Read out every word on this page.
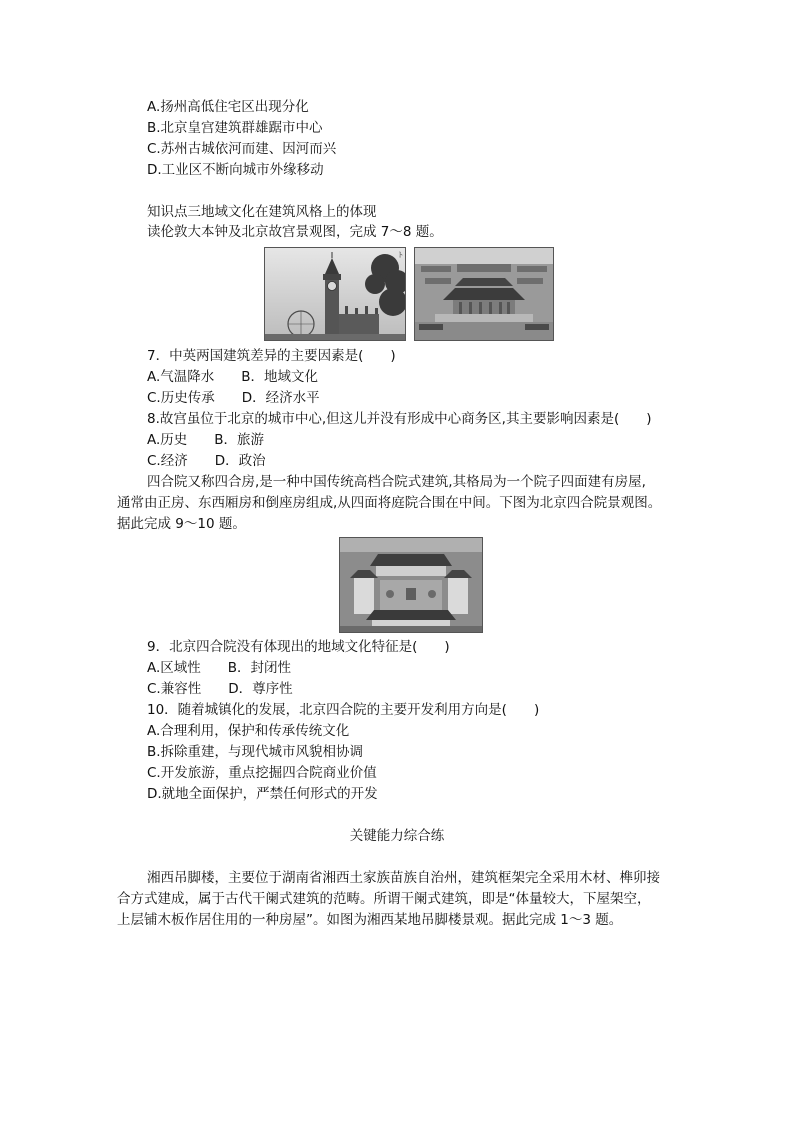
A.扬州高低住宅区出现分化
B.北京皇宫建筑群雄踞市中心
C.苏州古城依河而建、因河而兴
D.工业区不断向城市外缘移动
知识点三地域文化在建筑风格上的体现
读伦敦大本钟及北京故宫景观图，完成 7～8 题。
ト
7．中英两国建筑差异的主要因素是(　　)
A.气温降水　　B．地域文化
C.历史传承　　D．经济水平
8.故宫虽位于北京的城市中心,但这儿并没有形成中心商务区,其主要影响因素是(　　)
A.历史　　B．旅游
C.经济　　D．政治
四合院又称四合房,是一种中国传统高档合院式建筑,其格局为一个院子四面建有房屋,
通常由正房、东西厢房和倒座房组成,从四面将庭院合围在中间。下图为北京四合院景观图。
据此完成 9～10 题。
9．北京四合院没有体现出的地域文化特征是(　　)
A.区域性　　B．封闭性
C.兼容性　　D．尊序性
10．随着城镇化的发展，北京四合院的主要开发利用方向是(　　)
A.合理利用，保护和传承传统文化
B.拆除重建，与现代城市风貌相协调
C.开发旅游，重点挖掘四合院商业价值
D.就地全面保护，严禁任何形式的开发
关键能力综合练
湘西吊脚楼，主要位于湖南省湘西土家族苗族自治州，建筑框架完全采用木材、榫卯接
合方式建成，属于古代干阑式建筑的范畴。所谓干阑式建筑，即是“体量较大，下屋架空，
上层铺木板作居住用的一种房屋”。如图为湘西某地吊脚楼景观。据此完成 1～3 题。
